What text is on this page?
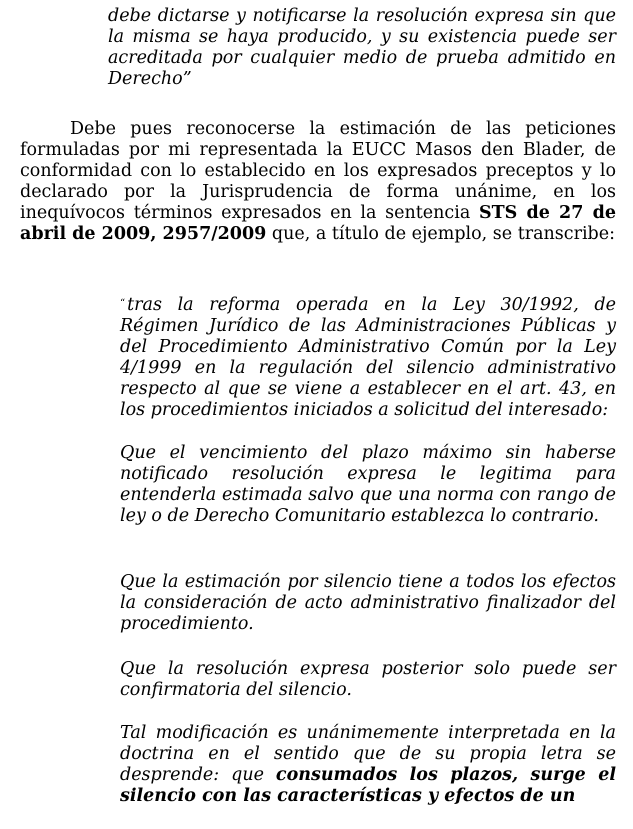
debe dictarse y notificarse la resolución expresa sin que la misma se haya producido, y su existencia puede ser acreditada por cualquier medio de prueba admitido en Derecho”

Debe pues reconocerse la estimación de las peticiones formuladas por mi representada la EUCC Masos den Blader, de conformidad con lo establecido en los expresados preceptos y lo declarado por la Jurisprudencia de forma unánime, en los inequívocos términos expresados en la sentencia STS de 27 de abril de 2009, 2957/2009 que, a título de ejemplo, se transcribe:

“ tras la reforma operada en la Ley 30/1992, de Régimen Jurídico de las Administraciones Públicas y del Procedimiento Administrativo Común por la Ley 4/1999 en la regulación del silencio administrativo respecto al que se viene a establecer en el art. 43, en los procedimientos iniciados a solicitud del interesado:

Que el vencimiento del plazo máximo sin haberse notificado resolución expresa le legitima para entenderla estimada salvo que una norma con rango de ley o de Derecho Comunitario establezca lo contrario.

Que la estimación por silencio tiene a todos los efectos la consideración de acto administrativo finalizador del procedimiento.

Que la resolución expresa posterior solo puede ser confirmatoria del silencio.

Tal modificación es unánimemente interpretada en la doctrina en el sentido que de su propia letra se desprende: que consumados los plazos, surge el silencio con las características y efectos de un
